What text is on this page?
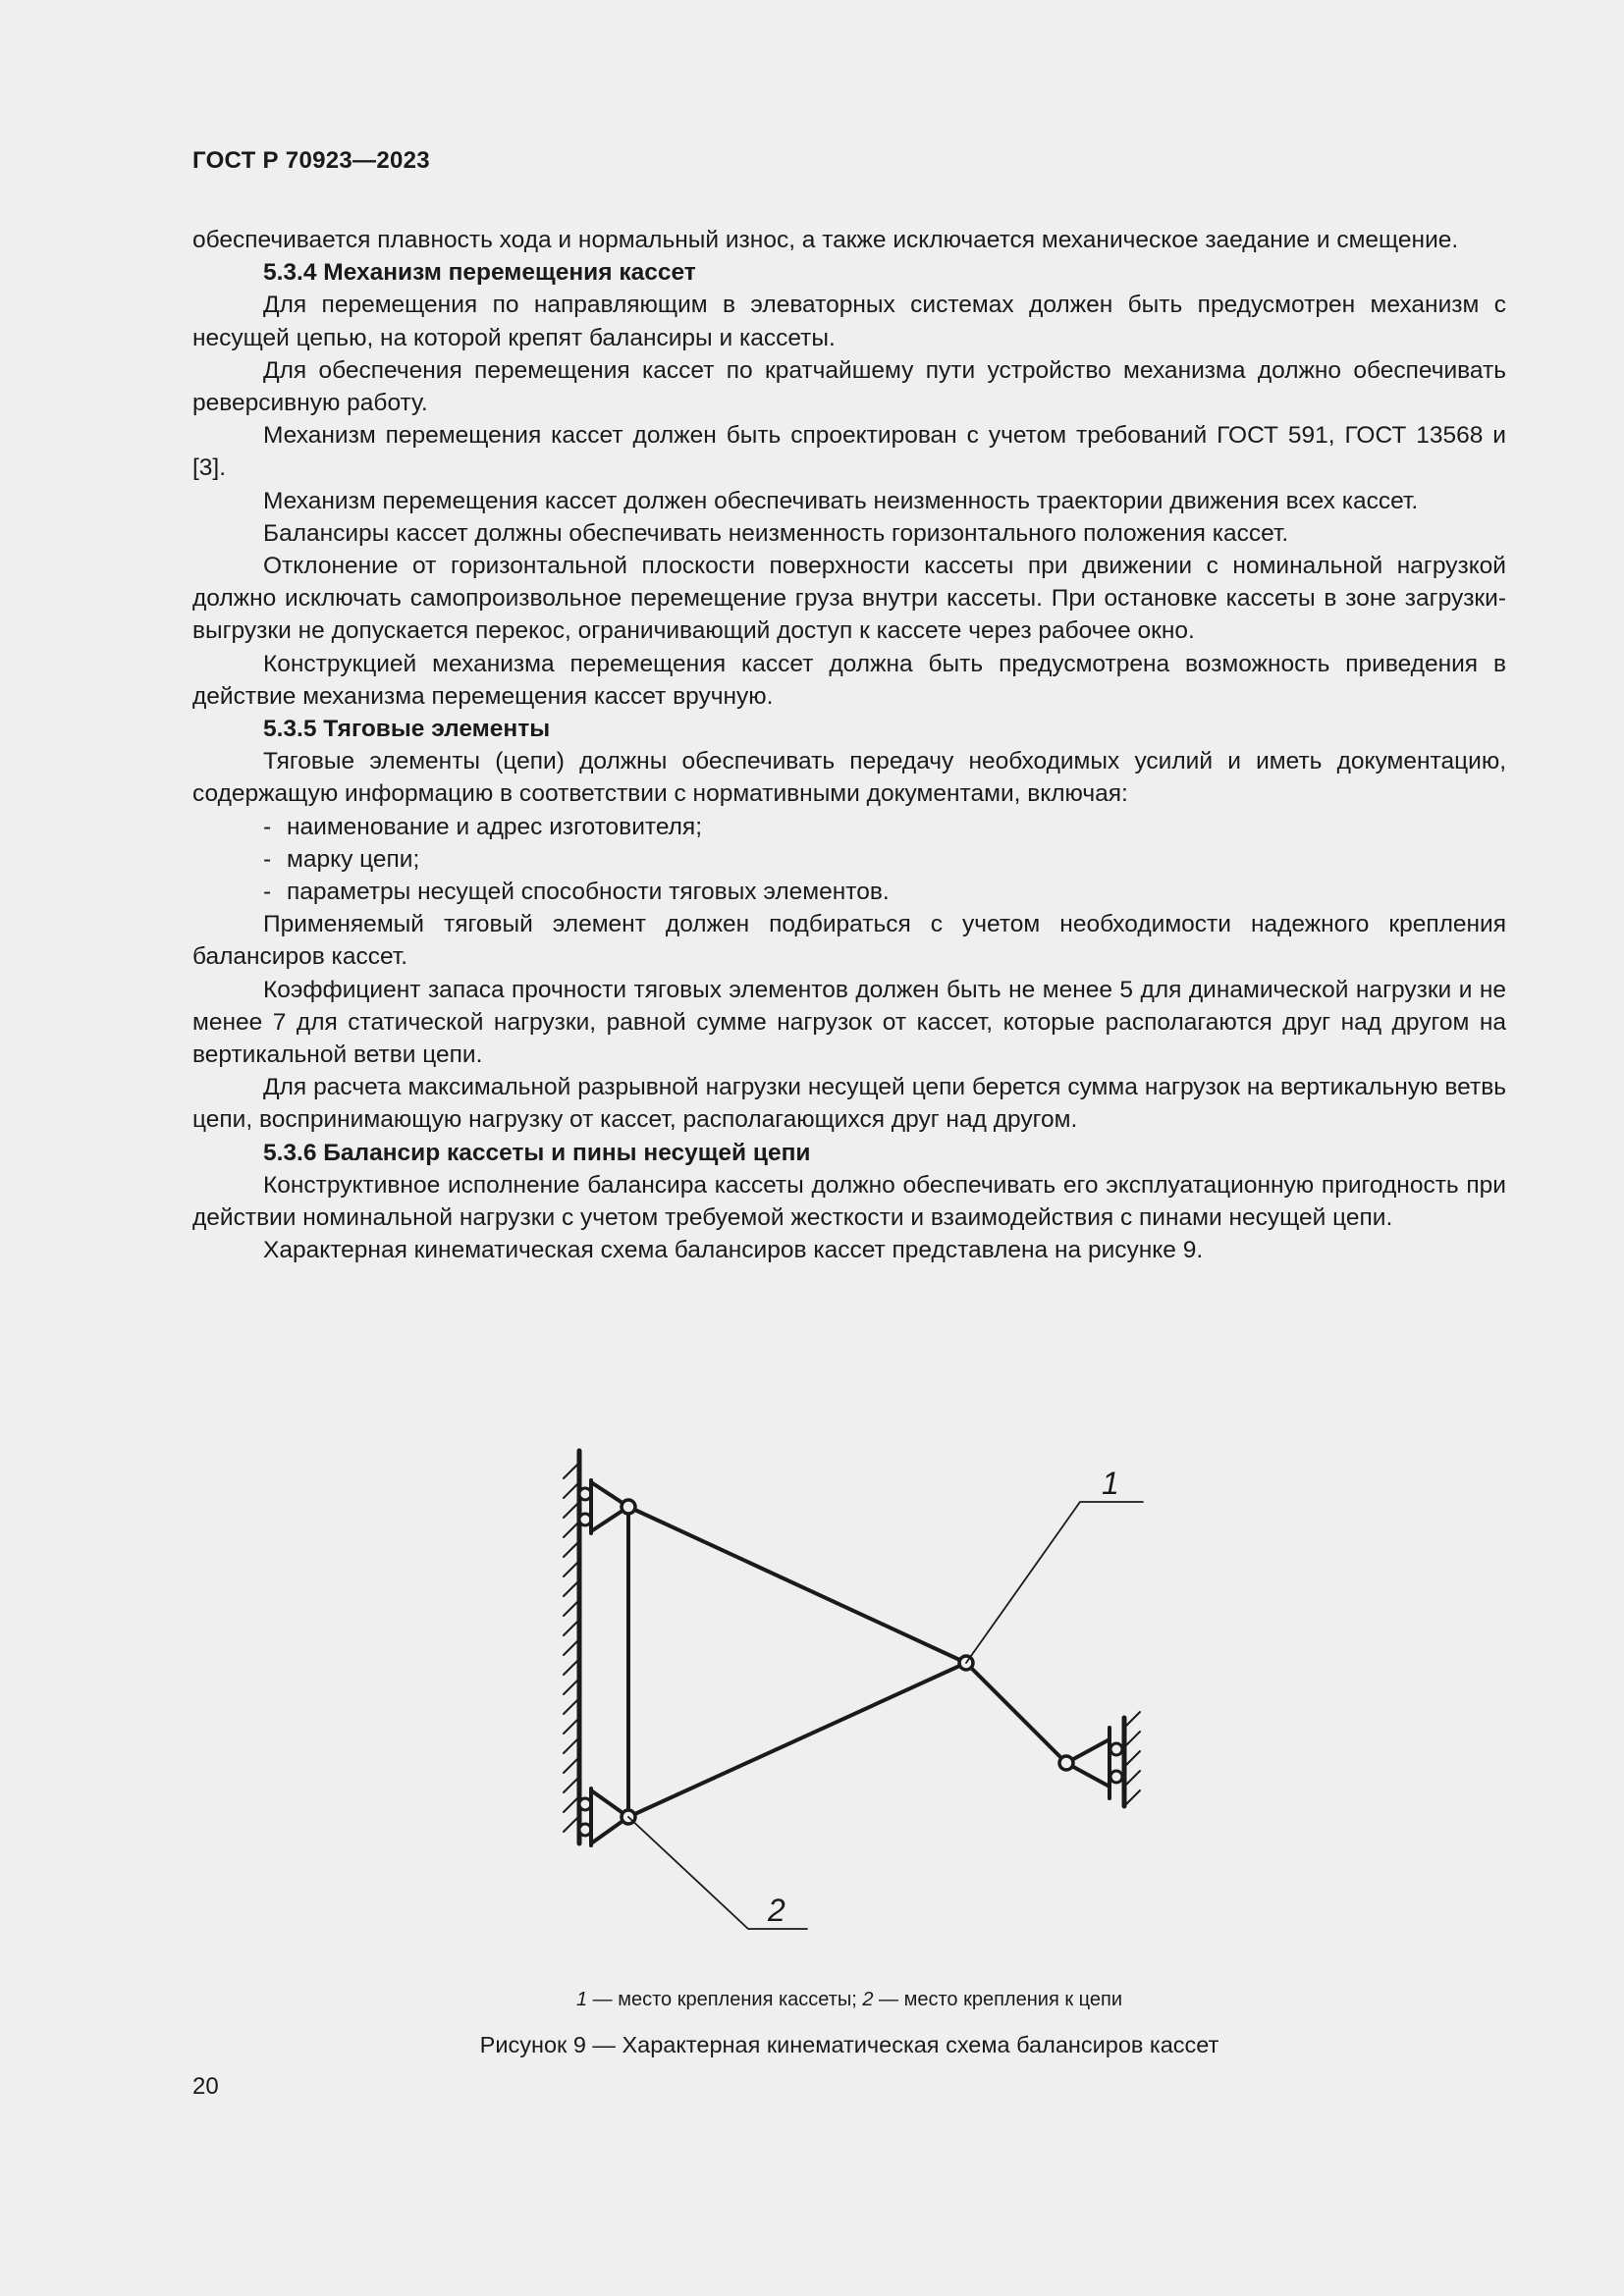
ГОСТ Р 70923—2023

обеспечивается плавность хода и нормальный износ, а также исключается механическое заедание и смещение.

5.3.4 Механизм перемещения кассет

Для перемещения по направляющим в элеваторных системах должен быть предусмотрен механизм с несущей цепью, на которой крепят балансиры и кассеты.

Для обеспечения перемещения кассет по кратчайшему пути устройство механизма должно обеспечивать реверсивную работу.

Механизм перемещения кассет должен быть спроектирован с учетом требований ГОСТ 591, ГОСТ 13568 и [3].

Механизм перемещения кассет должен обеспечивать неизменность траектории движения всех кассет.

Балансиры кассет должны обеспечивать неизменность горизонтального положения кассет.

Отклонение от горизонтальной плоскости поверхности кассеты при движении с номинальной нагрузкой должно исключать самопроизвольное перемещение груза внутри кассеты. При остановке кассеты в зоне загрузки-выгрузки не допускается перекос, ограничивающий доступ к кассете через рабочее окно.

Конструкцией механизма перемещения кассет должна быть предусмотрена возможность приведения в действие механизма перемещения кассет вручную.

5.3.5 Тяговые элементы

Тяговые элементы (цепи) должны обеспечивать передачу необходимых усилий и иметь документацию, содержащую информацию в соответствии с нормативными документами, включая:

- наименование и адрес изготовителя;
- марку цепи;
- параметры несущей способности тяговых элементов.

Применяемый тяговый элемент должен подбираться с учетом необходимости надежного крепления балансиров кассет.

Коэффициент запаса прочности тяговых элементов должен быть не менее 5 для динамической нагрузки и не менее 7 для статической нагрузки, равной сумме нагрузок от кассет, которые располагаются друг над другом на вертикальной ветви цепи.

Для расчета максимальной разрывной нагрузки несущей цепи берется сумма нагрузок на вертикальную ветвь цепи, воспринимающую нагрузку от кассет, располагающихся друг над другом.

5.3.6 Балансир кассеты и пины несущей цепи

Конструктивное исполнение балансира кассеты должно обеспечивать его эксплуатационную пригодность при действии номинальной нагрузки с учетом требуемой жесткости и взаимодействия с пинами несущей цепи.

Характерная кинематическая схема балансиров кассет представлена на рисунке 9.

1
2
1 — место крепления кассеты; 2 — место крепления к цепи
Рисунок 9 — Характерная кинематическая схема балансиров кассет
20
